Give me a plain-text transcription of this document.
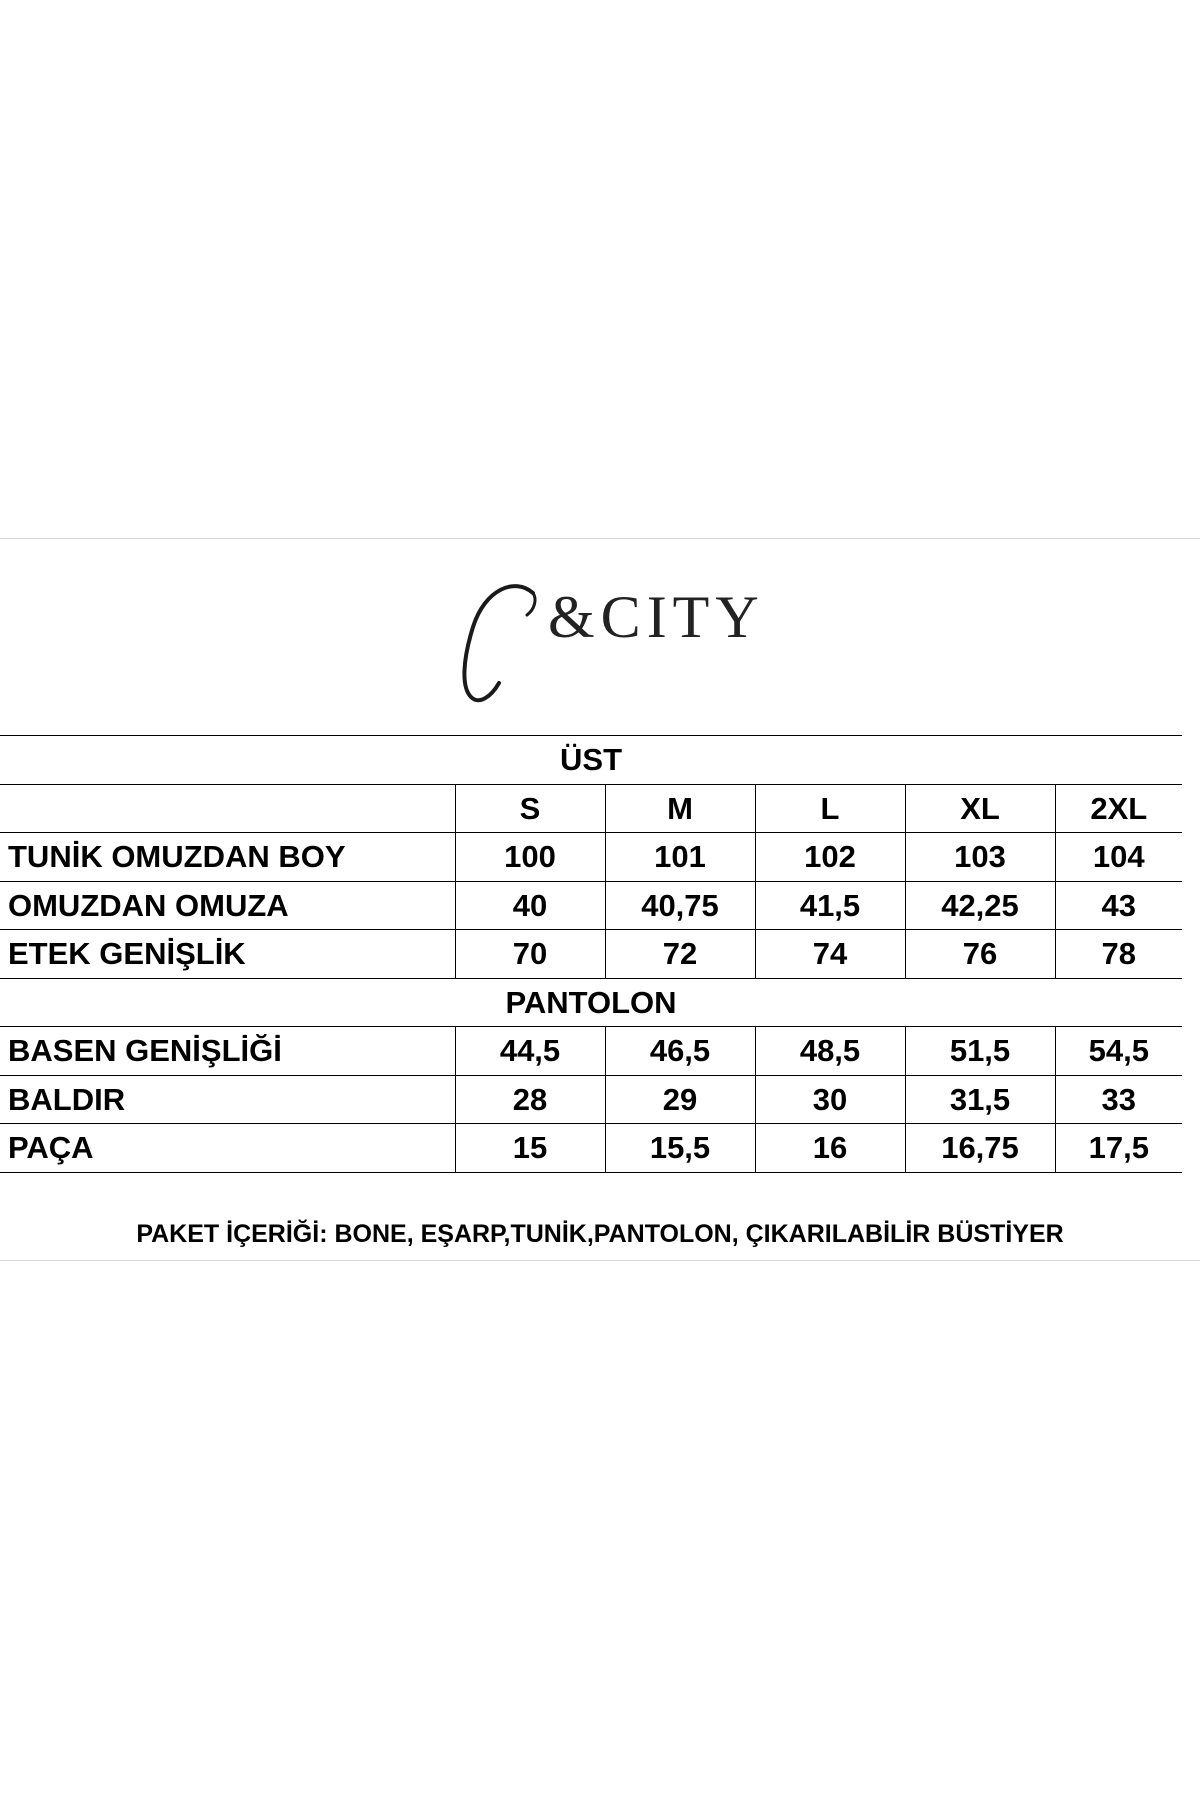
&CITY
ÜST					
	S	M	L	XL	2XL
TUNİK OMUZDAN BOY	100	101	102	103	104
OMUZDAN OMUZA	40	40,75	41,5	42,25	43
ETEK GENİŞLİK	70	72	74	76	78
PANTOLON					
BASEN GENİŞLİĞİ	44,5	46,5	48,5	51,5	54,5
BALDIR	28	29	30	31,5	33
PAÇA	15	15,5	16	16,75	17,5
PAKET İÇERİĞİ: BONE, EŞARP,TUNİK,PANTOLON, ÇIKARILABİLİR BÜSTİYER
